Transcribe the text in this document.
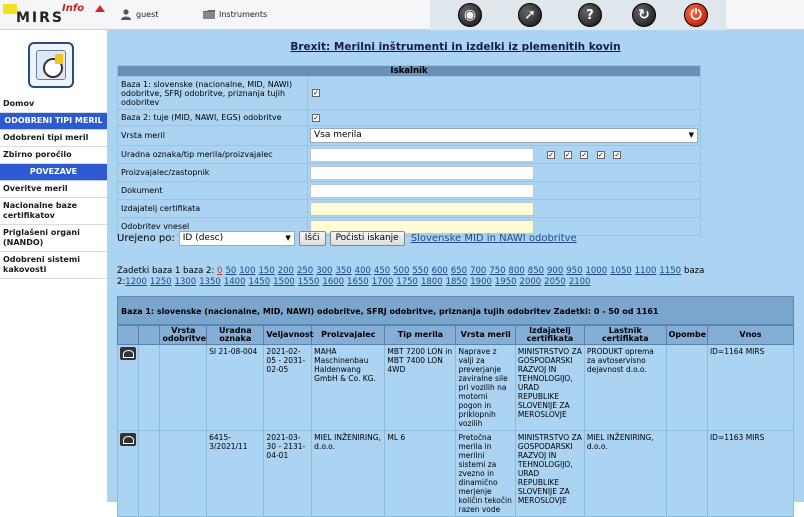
MIRS
Info	guest	Instruments	◉	➚	?	↻	⏻
Domov
ODOBRENI TIPI MERIL
Odobreni tipi meril
Zbirno poročilo
POVEZAVE
Overitve meril
Nacionalne baze certifikatov
Priglašeni organi (NANDO)
Odobreni sistemi kakovosti
Brexit: Merilni inštrumenti in izdelki iz plemenitih kovin
Iskalnik	
Baza 1: slovenske (nacionalne, MID, NAWI) odobritve, SFRJ odobritve, priznanja tujih odobritev	✓
Baza 2: tuje (MID, NAWI, EGS) odobritve	✓
Vrsta meril	Vsa merila ▼

Uradna oznaka/tip merila/proizvajalec	✓ ✓ ✓ ✓ ✓
Proizvajalec/zastopnik	
Dokument	
Izdajatelj certifikata	
Odobritev vnesel	
Urejeno po: ID (desc)	▼	Išči	Počisti iskanje	Slovenske MID in NAWI odobritve
Zadetki baza 1 baza 2: 0 50 100 150 200 250 300 350 400 450 500 550 600 650 700 750 800 850 900 950 1000 1050 1100 1150 baza 2:1200 1250 1300 1350 1400 1450 1500 1550 1600 1650 1700 1750 1800 1850 1900 1950 2000 2050 2100
Baza 1: slovenske (nacionalne, MID, NAWI) odobritve, SFRJ odobritve, priznanja tujih odobritev Zadetki: 0 - 50 od 1161
		Vrsta odobritve	Uradna oznaka	Veljavnost	Proizvajalec	Tip merila	Vrsta meril	Izdajatelj certifikata	Lastnik certifikata	Opombe	Vnos
			SI 21-08-004	2021-02-05 - 2031-02-05	MAHA Maschinenbau Haldenwang GmbH & Co. KG.	MBT 7200 LON in MBT 7400 LON 4WD	Naprave z valji za preverjanje zaviralne sile pri vozilih na motorni pogon in priklopnih vozilih	MINISTRSTVO ZA GOSPODARSKI RAZVOJ IN TEHNOLOGIJO, URAD REPUBLIKE SLOVENIJE ZA MEROSLOVJE	PRODUKT oprema za avtoservisno dejavnost d.o.o.		ID=1164 MIRS
			6415-3/2021/11	2021-03-30 - 2131-04-01	MIEL INŽENIRING, d.o.o.	ML 6	Pretočna merila in merilni sistemi za zvezno in dinamično merjenje količin tekočin razen vode	MINISTRSTVO ZA GOSPODARSKI RAZVOJ IN TEHNOLOGIJO, URAD REPUBLIKE SLOVENIJE ZA MEROSLOVJE	MIEL INŽENIRING, d.o.o.		ID=1163 MIRS
